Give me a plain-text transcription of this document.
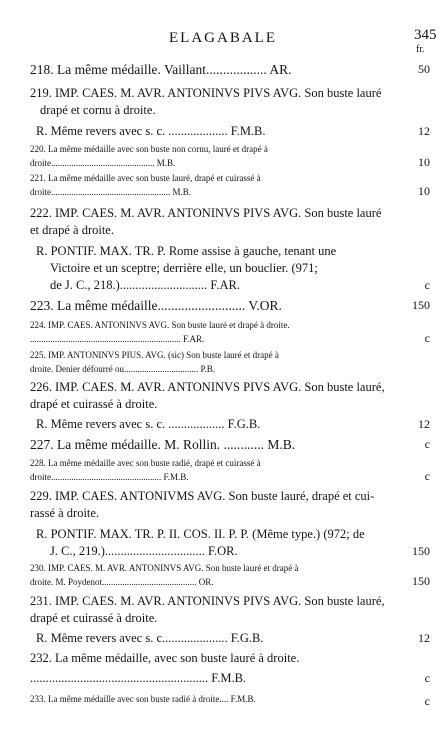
ELAGABALE	345
fr.
218. La même médaille. Vaillant.................. AR.	50
219. IMP. CAES. M. AVR. ANTONINVS PIVS AVG. Son buste lauré
drapé et cornu à droite.
R. Même revers avec s. c. ................... F.M.B.	12
220. La même médaille avec son buste non cornu, lauré et drapé à
droite.............................................. M.B.	10
221. La même médaille avec son buste lauré, drapé et cuirassé à
droite..................................................... M.B.	10
222. IMP. CAES. M. AVR. ANTONINVS PIVS AVG. Son buste lauré
et drapé à droite.
R. PONTIF. MAX. TR. P. Rome assise à gauche, tenant une
Victoire et un sceptre; derrière elle, un bouclier. (971;
de J. C., 218.)............................ F.AR.	c
223. La même médaille.......................... V.OR.	150
224. IMP. CAES. ANTONINVS AVG. Son buste lauré et drapé à droite.
................................................................... F.AR.	c
225. IMP. ANTONINVS PIUS. AVG. (sic) Son buste lauré et drapé à
droite. Denier défourré ou................................. P.B.
226. IMP. CAES. M. AVR. ANTONINVS PIVS AVG. Son buste lauré,
drapé et cuirassé à droite.
R. Même revers avec s. c. .................. F.G.B.	12
227. La même médaille. M. Rollin. ............ M.B.	c
228. La même médaille avec son buste radié, drapé et cuirassé à
droite................................................. F.M.B.	c
229. IMP. CAES. ANTONIVMS AVG. Son buste lauré, drapé et cui-
rassé à droite.
R. PONTIF. MAX. TR. P. II. COS. II. P. P. (Même type.) (972; de
J. C., 219.)................................ F.OR.	150
230. IMP. CAES. M. AVR. ANTONINVS AVG. Son buste lauré et drapé à
droite. M. Poydenot.......................................... OR.	150
231. IMP. CAES. M. AVR. ANTONINVS PIVS AVG. Son buste lauré,
drapé et cuirassé à droite.
R. Même revers avec s. c..................... F.G.B.	12
232. La même médaille, avec son buste lauré à droite.
......................................................... F.M.B.	c
233. La même médaille avec son buste radié à droite.... F.M.B.	c
